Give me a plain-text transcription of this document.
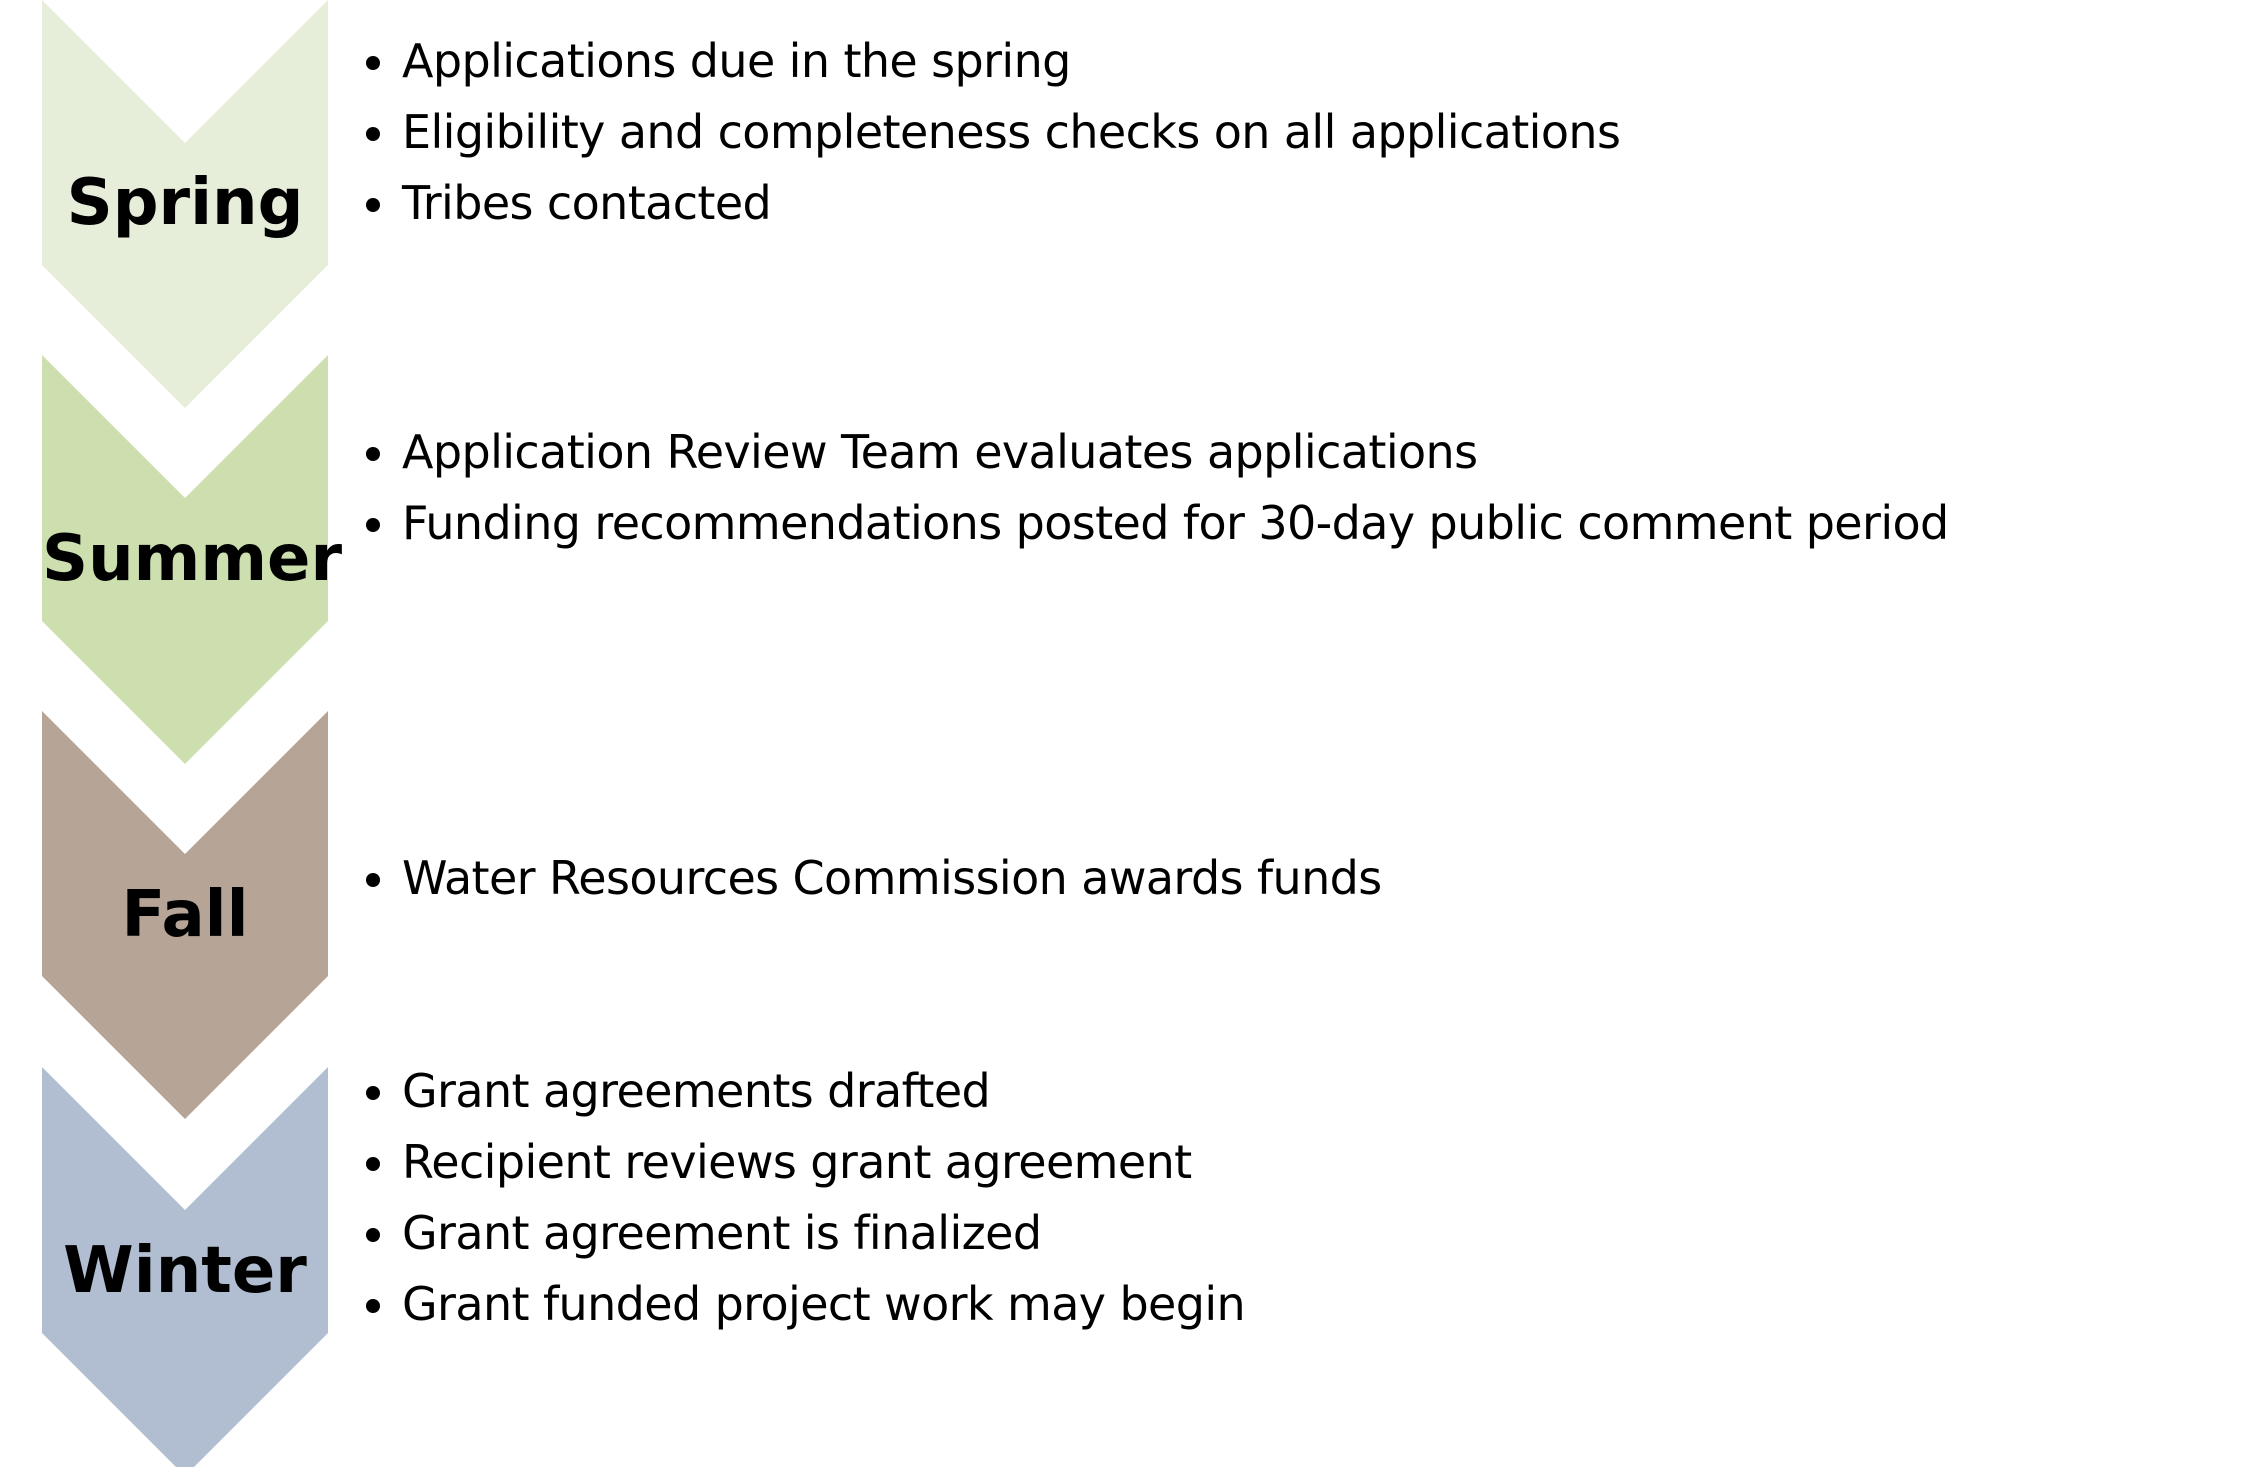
Spring
Summer
Fall
Winter
Applications due in the spring
Eligibility and completeness checks on all applications
Tribes contacted
Application Review Team evaluates applications
Funding recommendations posted for 30-day public comment period
Water Resources Commission awards funds
Grant agreements drafted
Recipient reviews grant agreement
Grant agreement is finalized
Grant funded project work may begin
